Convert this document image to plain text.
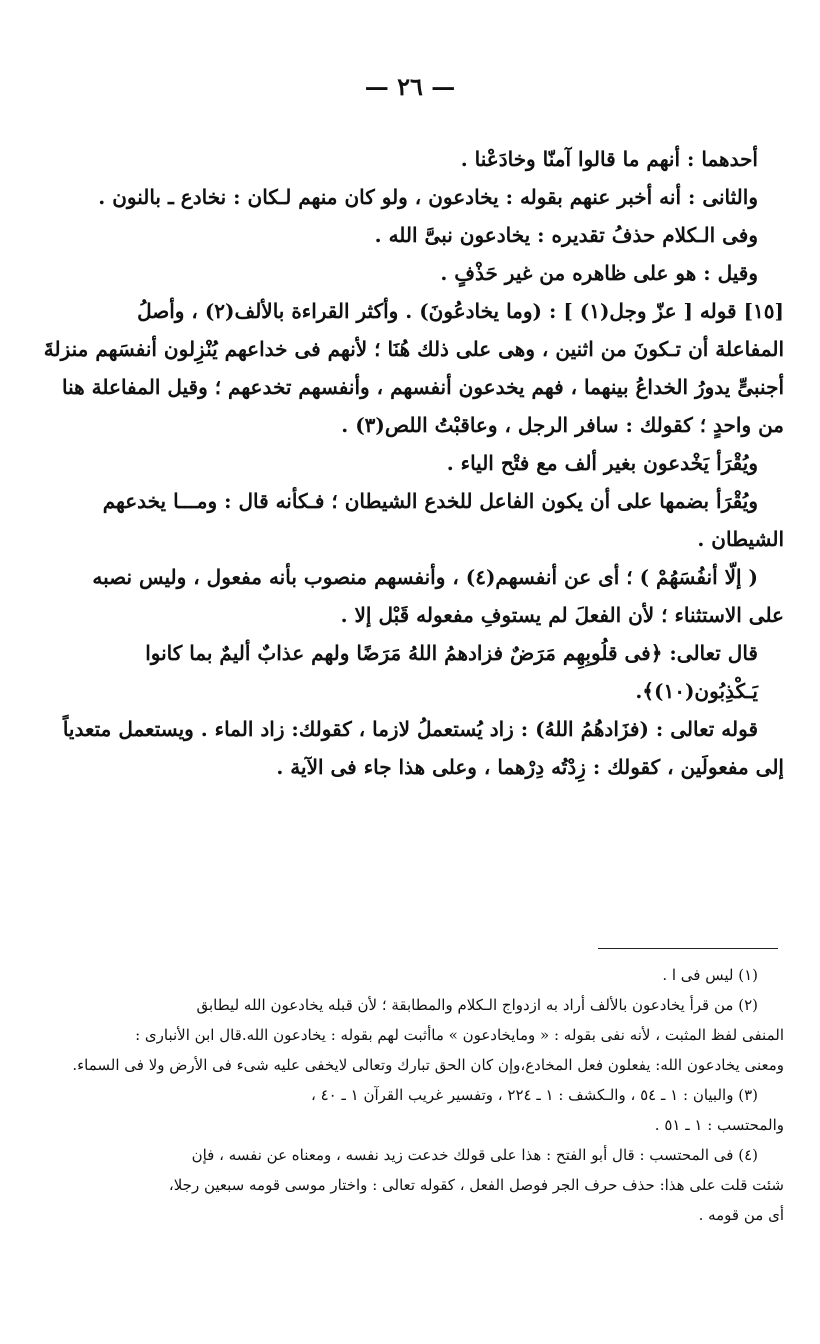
— ٢٦ —

أحدهما : أنهم ما قالوا آمنّا وخادَعْنا .

والثانى : أنه أخبر عنهم بقوله : يخادعون ، ولو كان منهم لـكان : نخادع ـ بالنون .

وفى الـكلام حذفُ تقديره : يخادعون نبىَّ الله .

وقيل : هو على ظاهره من غير حَذْفٍ .

[١٥] قوله [ عزّ وجل(١) ] : (وما يخادعُونَ) . وأكثر القراءة بالألف(٢) ، وأصلُ

المفاعلة أن تـكونَ من اثنين ، وهى على ذلك هُنَا ؛ لأنهم فى خداعهم يُنْزِلون أنفسَهم منزلةَ

أجنبىٍّ يدورُ الخداعُ بينهما ، فهم يخدعون أنفسهم ، وأنفسهم تخدعهم ؛ وقيل المفاعلة هنا

من واحدٍ ؛ كقولك : سافر الرجل ، وعاقبْتُ اللص(٣) .

ويُقْرَأ يَخْدعون بغير ألف مع فتْح الياء .

ويُقْرَأ بضمها على أن يكون الفاعل للخدع الشيطان ؛ فـكأنه قال : ومـــا يخدعهم

الشيطان .

( إلّا أنفُسَهُمْ ) ؛ أى عن أنفسهم(٤) ، وأنفسهم منصوب بأنه مفعول ، وليس نصبه

على الاستثناء ؛ لأن الفعلَ لم يستوفِ مفعوله قَبْل إلا .

قال تعالى: ﴿فى قلُوبِهِم مَرَضٌ فزادهمُ اللهُ مَرَضًا ولهم عذابٌ أليمٌ بما كانوا يَـكْذِبُون(١٠)﴾.

قوله تعالى : (فزَادهُمُ اللهُ) : زاد يُستعملُ لازما ، كقولك: زاد الماء . ويستعمل متعدياً

إلى مفعولَين ، كقولك : زِدْتُه دِرْهما ، وعلى هذا جاء فى الآية .

(١) ليس فى ا .

(٢) من قرأ يخادعون بالألف أراد به ازدواج الـكلام والمطابقة ؛ لأن قبله يخادعون الله ليطابق

المنفى لفظ المثبت ، لأنه نفى بقوله : « ومايخادعون » ماأثبت لهم بقوله : يخادعون الله.قال ابن الأنبارى :

ومعنى يخادعون الله: يفعلون فعل المخادع،وإن كان الحق تبارك وتعالى لايخفى عليه شىء فى الأرض ولا فى السماء.

(٣) والبيان : ١ ـ ٥٤ ، والـكشف : ١ ـ ٢٢٤ ، وتفسير غريب القرآن ١ ـ ٤٠ ،

والمحتسب : ١ ـ ٥١ .

(٤) فى المحتسب : قال أبو الفتح : هذا على قولك خدعت زيد نفسه ، ومعناه عن نفسه ، فإن

شئت قلت على هذا: حذف حرف الجر فوصل الفعل ، كقوله تعالى : واختار موسى قومه سبعين رجلا،

أى من قومه .
